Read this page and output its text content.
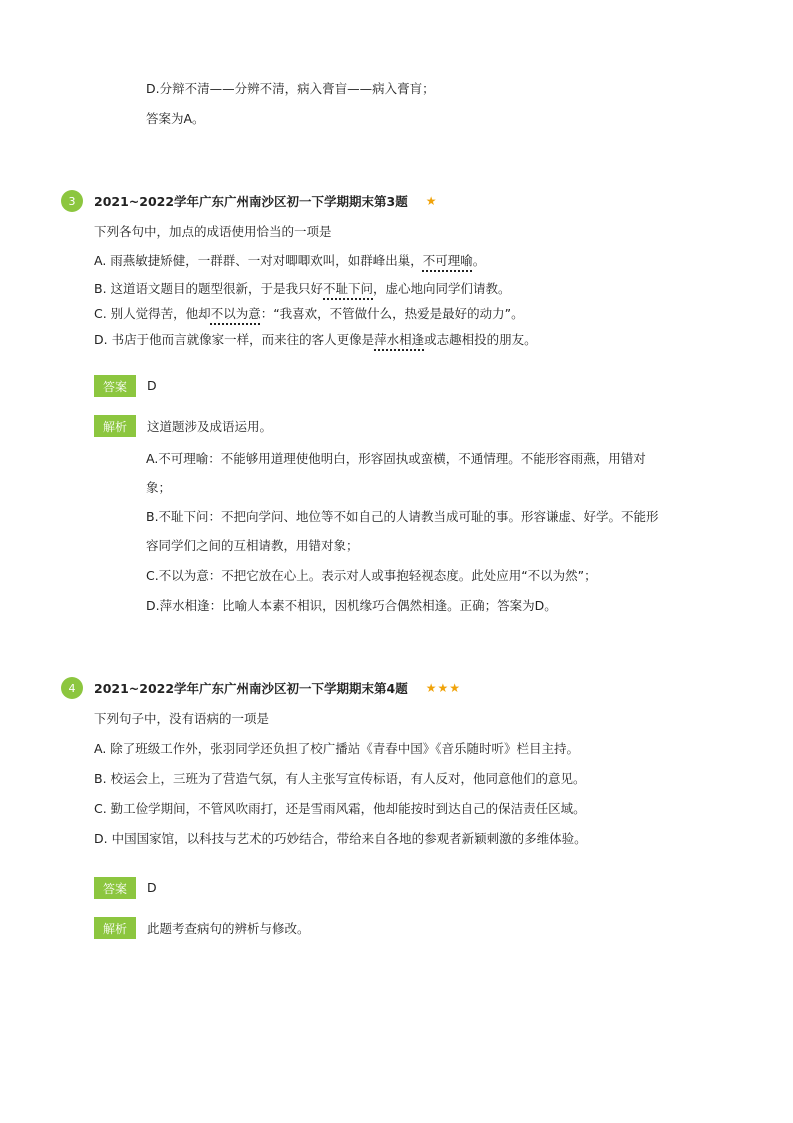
D.分辩不清——分辨不清，病入膏盲——病入膏肓；
答案为A。
3	2021~2022学年广东广州南沙区初一下学期期末第3题 ★
下列各句中，加点的成语使用恰当的一项是
A. 雨燕敏捷矫健，一群群、一对对唧唧欢叫，如群峰出巢，不可理喻。
B. 这道语文题目的题型很新，于是我只好不耻下问，虚心地向同学们请教。
C. 别人觉得苦，他却不以为意：“我喜欢，不管做什么，热爱是最好的动力”。
D. 书店于他而言就像家一样，而来往的客人更像是萍水相逢或志趣相投的朋友。
答案	D
解析	这道题涉及成语运用。
A.不可理喻：不能够用道理使他明白，形容固执或蛮横，不通情理。不能形容雨燕，用错对
象；
B.不耻下问：不把向学问、地位等不如自己的人请教当成可耻的事。形容谦虚、好学。不能形
容同学们之间的互相请教，用错对象；
C.不以为意：不把它放在心上。表示对人或事抱轻视态度。此处应用“不以为然”；
D.萍水相逢：比喻人本素不相识，因机缘巧合偶然相逢。正确；答案为D。
4	2021~2022学年广东广州南沙区初一下学期期末第4题 ★★★
下列句子中，没有语病的一项是
A. 除了班级工作外，张羽同学还负担了校广播站《青春中国》《音乐随时听》栏目主持。
B. 校运会上，三班为了营造气氛，有人主张写宣传标语，有人反对，他同意他们的意见。
C. 勤工俭学期间，不管风吹雨打，还是雪雨风霜，他却能按时到达自己的保洁责任区域。
D. 中国国家馆，以科技与艺术的巧妙结合，带给来自各地的参观者新颖刺激的多维体验。
答案	D
解析	此题考查病句的辨析与修改。
